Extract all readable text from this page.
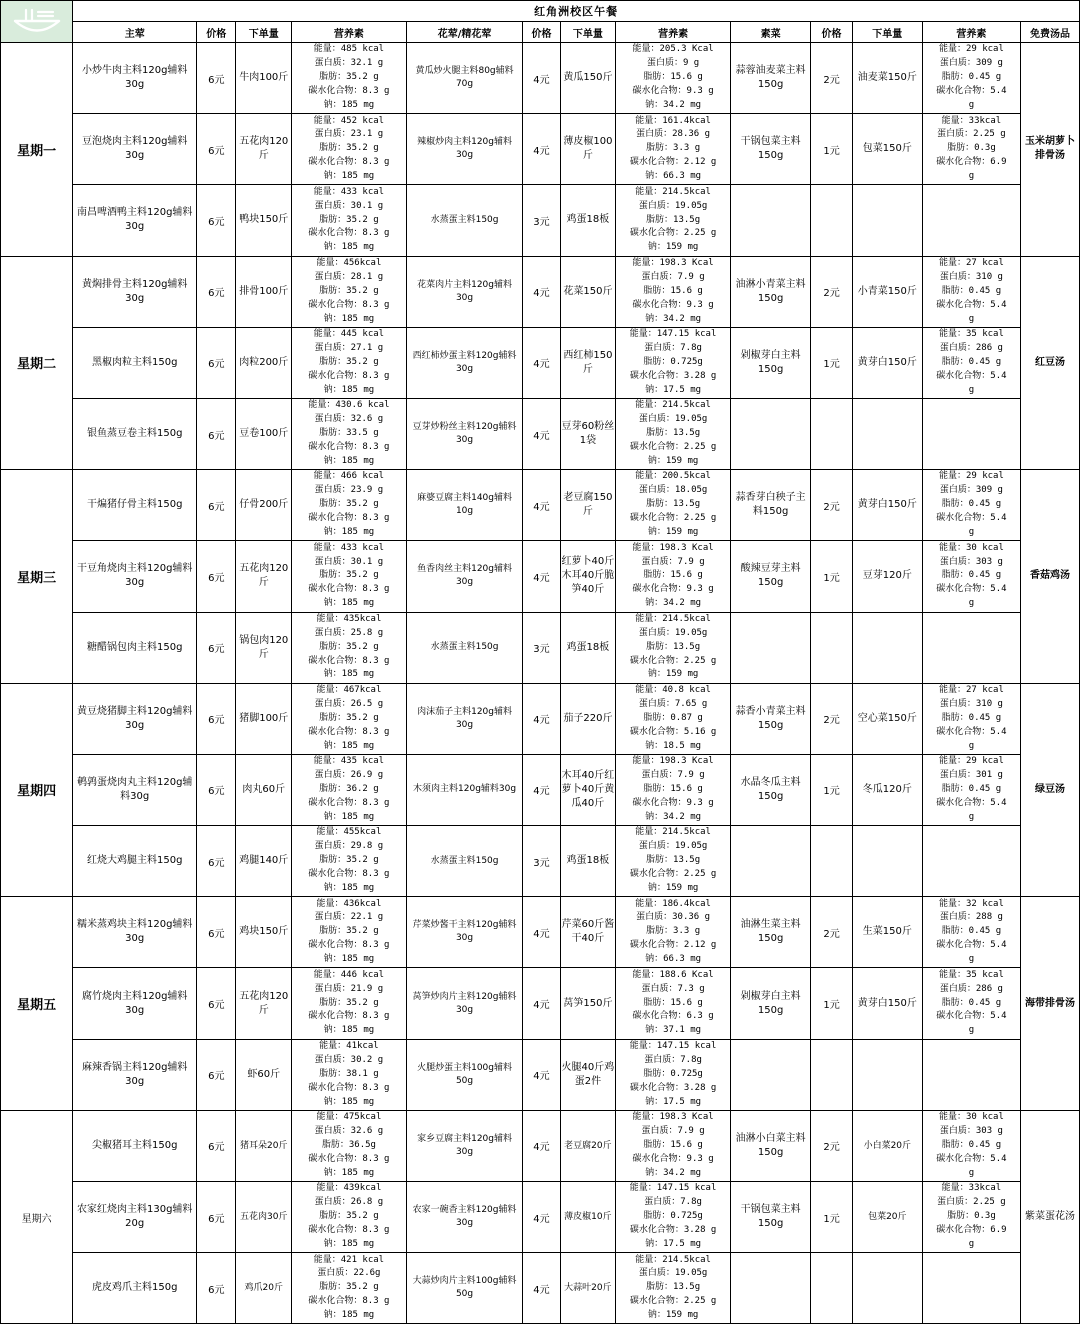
	红角洲校区午餐												
	主荤	价格	下单量	营养素	花荤/精花荤	价格	下单量	营养素	素菜	价格	下单量	营养素	免费汤品
星期一	小炒牛肉主料120g辅料30g	6元	牛肉100斤	能量：485 kcal
蛋白质：32.1 g
脂肪：35.2 g
碳水化合物：8.3 g
钠：185 mg	黄瓜炒火腿主料80g辅料70g	4元	黄瓜150斤	能量：205.3 Kcal
蛋白质：9 g
脂肪：15.6 g
碳水化合物：9.3 g
钠：34.2 mg	蒜蓉油麦菜主料150g	2元	油麦菜150斤	能量：29 kcal
蛋白质：309 g
脂肪：0.45 g
碳水化合物：5.4
g	玉米胡萝卜排骨汤
	豆泡烧肉主料120g辅料30g	6元	五花肉120斤	能量：452 kcal
蛋白质：23.1 g
脂肪：35.2 g
碳水化合物：8.3 g
钠：185 mg	辣椒炒肉主料120g辅料30g	4元	薄皮椒100斤	能量：161.4kcal
蛋白质：28.36 g
脂肪：3.3 g
碳水化合物：2.12 g
钠：66.3 mg	干锅包菜主料150g	1元	包菜150斤	能量：33kcal
蛋白质：2.25 g
脂肪：0.3g
碳水化合物：6.9
g	

	南昌啤酒鸭主料120g辅料30g	6元	鸭块150斤	能量：433 kcal
蛋白质：30.1 g
脂肪：35.2 g
碳水化合物：8.3 g
钠：185 mg	水蒸蛋主料150g	3元	鸡蛋18板	能量：214.5kcal
蛋白质：19.05g
脂肪：13.5g
碳水化合物：2.25 g
钠：159 mg					

星期二	黄焖排骨主料120g辅料30g	6元	排骨100斤	能量：456kcal
蛋白质：28.1 g
脂肪：35.2 g
碳水化合物：8.3 g
钠：185 mg	花菜肉片主料120g辅料30g	4元	花菜150斤	能量：198.3 Kcal
蛋白质：7.9 g
脂肪：15.6 g
碳水化合物：9.3 g
钠：34.2 mg	油淋小青菜主料150g	2元	小青菜150斤	能量：27 kcal
蛋白质：310 g
脂肪：0.45 g
碳水化合物：5.4
g	红豆汤
	黑椒肉粒主料150g	6元	肉粒200斤	能量：445 kcal
蛋白质：27.1 g
脂肪：35.2 g
碳水化合物：8.3 g
钠：185 mg	西红柿炒蛋主料120g辅料30g	4元	西红柿150斤	能量：147.15 kcal
蛋白质：7.8g
脂肪：0.725g
碳水化合物：3.28 g
钠：17.5 mg	剁椒芽白主料150g	1元	黄芽白150斤	能量：35 kcal
蛋白质：286 g
脂肪：0.45 g
碳水化合物：5.4
g	

	银鱼蒸豆卷主料150g	6元	豆卷100斤	能量：430.6 kcal
蛋白质：32.6 g
脂肪：33.5 g
碳水化合物：8.3 g
钠：185 mg	豆芽炒粉丝主料120g辅料30g	4元	豆芽60粉丝1袋	能量：214.5kcal
蛋白质：19.05g
脂肪：13.5g
碳水化合物：2.25 g
钠：159 mg					

星期三	干煸猪仔骨主料150g	6元	仔骨200斤	能量：466 kcal
蛋白质：23.9 g
脂肪：35.2 g
碳水化合物：8.3 g
钠：185 mg	麻婆豆腐主料140g辅料10g	4元	老豆腐150斤	能量：200.5kcal
蛋白质：18.05g
脂肪：13.5g
碳水化合物：2.25 g
钠：159 mg	蒜香芽白秧子主料150g	2元	黄芽白150斤	能量：29 kcal
蛋白质：309 g
脂肪：0.45 g
碳水化合物：5.4
g	香菇鸡汤
	干豆角烧肉主料120g辅料30g	6元	五花肉120斤	能量：433 kcal
蛋白质：30.1 g
脂肪：35.2 g
碳水化合物：8.3 g
钠：185 mg	鱼香肉丝主料120g辅料30g	4元	红萝卜40斤木耳40斤脆笋40斤	能量：198.3 Kcal
蛋白质：7.9 g
脂肪：15.6 g
碳水化合物：9.3 g
钠：34.2 mg	酸辣豆芽主料150g	1元	豆芽120斤	能量：30 kcal
蛋白质：303 g
脂肪：0.45 g
碳水化合物：5.4
g	

	糖醋锅包肉主料150g	6元	锅包肉120斤	能量：435kcal
蛋白质：25.8 g
脂肪：35.2 g
碳水化合物：8.3 g
钠：185 mg	水蒸蛋主料150g	3元	鸡蛋18板	能量：214.5kcal
蛋白质：19.05g
脂肪：13.5g
碳水化合物：2.25 g
钠：159 mg					

星期四	黄豆烧猪脚主料120g辅料30g	6元	猪脚100斤	能量：467kcal
蛋白质：26.5 g
脂肪：35.2 g
碳水化合物：8.3 g
钠：185 mg	肉沫茄子主料120g辅料30g	4元	茄子220斤	能量：40.8 kcal
蛋白质：7.65 g
脂肪：0.87 g
碳水化合物：5.16 g
钠：18.5 mg	蒜香小青菜主料150g	2元	空心菜150斤	能量：27 kcal
蛋白质：310 g
脂肪：0.45 g
碳水化合物：5.4
g	绿豆汤
	鹌鹑蛋烧肉丸主料120g辅料30g	6元	肉丸60斤	能量：435 kcal
蛋白质：26.9 g
脂肪：36.2 g
碳水化合物：8.3 g
钠：185 mg	木须肉主料120g辅料30g	4元	木耳40斤红萝卜40斤黄瓜40斤	能量：198.3 Kcal
蛋白质：7.9 g
脂肪：15.6 g
碳水化合物：9.3 g
钠：34.2 mg	水晶冬瓜主料150g	1元	冬瓜120斤	能量：29 kcal
蛋白质：301 g
脂肪：0.45 g
碳水化合物：5.4
g	

	红烧大鸡腿主料150g	6元	鸡腿140斤	能量：455kcal
蛋白质：29.8 g
脂肪：35.2 g
碳水化合物：8.3 g
钠：185 mg	水蒸蛋主料150g	3元	鸡蛋18板	能量：214.5kcal
蛋白质：19.05g
脂肪：13.5g
碳水化合物：2.25 g
钠：159 mg					

星期五	糯米蒸鸡块主料120g辅料30g	6元	鸡块150斤	能量：436kcal
蛋白质：22.1 g
脂肪：35.2 g
碳水化合物：8.3 g
钠：185 mg	芹菜炒酱干主料120g辅料30g	4元	芹菜60斤酱干40斤	能量：186.4kcal
蛋白质：30.36 g
脂肪：3.3 g
碳水化合物：2.12 g
钠：66.3 mg	油淋生菜主料150g	2元	生菜150斤	能量：32 kcal
蛋白质：288 g
脂肪：0.45 g
碳水化合物：5.4
g	海带排骨汤
	腐竹烧肉主料120g辅料30g	6元	五花肉120斤	能量：446 kcal
蛋白质：21.9 g
脂肪：35.2 g
碳水化合物：8.3 g
钠：185 mg	莴笋炒肉片主料120g辅料30g	4元	莴笋150斤	能量：188.6 Kcal
蛋白质：7.3 g
脂肪：15.6 g
碳水化合物：6.3 g
钠：37.1 mg	剁椒芽白主料150g	1元	黄芽白150斤	能量：35 kcal
蛋白质：286 g
脂肪：0.45 g
碳水化合物：5.4
g	

	麻辣香锅主料120g辅料30g	6元	虾60斤	能量：41kcal
蛋白质：30.2 g
脂肪：38.1 g
碳水化合物：8.3 g
钠：185 mg	火腿炒蛋主料100g辅料50g	4元	火腿40斤鸡蛋2件	能量：147.15 kcal
蛋白质：7.8g
脂肪：0.725g
碳水化合物：3.28 g
钠：17.5 mg					

星期六	尖椒猪耳主料150g	6元	猪耳朵20斤	能量：475kcal
蛋白质：32.6 g
脂肪：36.5g
碳水化合物：8.3 g
钠：185 mg	家乡豆腐主料120g辅料30g	4元	老豆腐20斤	能量：198.3 Kcal
蛋白质：7.9 g
脂肪：15.6 g
碳水化合物：9.3 g
钠：34.2 mg	油淋小白菜主料150g	2元	小白菜20斤	能量：30 kcal
蛋白质：303 g
脂肪：0.45 g
碳水化合物：5.4
g	紫菜蛋花汤
	农家红烧肉主料130g辅料20g	6元	五花肉30斤	能量：439kcal
蛋白质：26.8 g
脂肪：35.2 g
碳水化合物：8.3 g
钠：185 mg	农家一碗香主料120g辅料30g	4元	薄皮椒10斤	能量：147.15 kcal
蛋白质：7.8g
脂肪：0.725g
碳水化合物：3.28 g
钠：17.5 mg	干锅包菜主料150g	1元	包菜20斤	能量：33kcal
蛋白质：2.25 g
脂肪：0.3g
碳水化合物：6.9
g	

	虎皮鸡爪主料150g	6元	鸡爪20斤	能量：421 kcal
蛋白质：22.6g
脂肪：35.2 g
碳水化合物：8.3 g
钠：185 mg	大蒜炒肉片主料100g辅料50g	4元	大蒜叶20斤	能量：214.5kcal
蛋白质：19.05g
脂肪：13.5g
碳水化合物：2.25 g
钠：159 mg					
